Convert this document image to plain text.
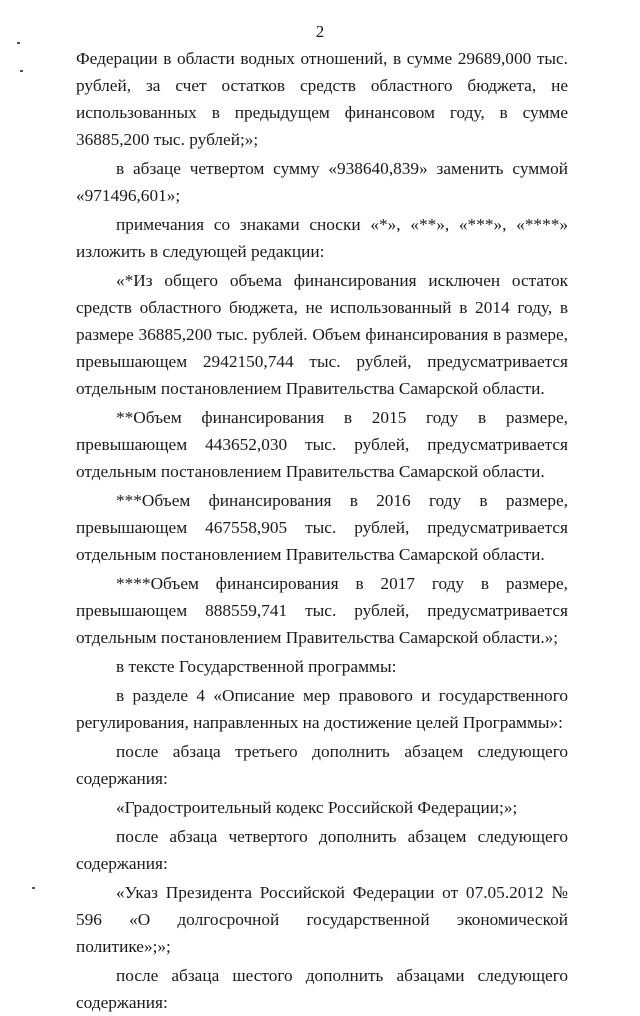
2

Федерации в области водных отношений, в сумме 29689,000 тыс. рублей, за счет остатков средств областного бюджета, не использованных в предыдущем финансовом году, в сумме 36885,200 тыс. рублей;»;

в абзаце четвертом сумму «938640,839» заменить суммой «971496,601»;

примечания со знаками сноски «*», «**», «***», «****» изложить в следующей редакции:

«*Из общего объема финансирования исключен остаток средств областного бюджета, не использованный в 2014 году, в размере 36885,200 тыс. рублей. Объем финансирования в размере, превышающем 2942150,744 тыс. рублей, предусматривается отдельным постановлением Правительства Самарской области.

**Объем финансирования в 2015 году в размере, превышающем 443652,030 тыс. рублей, предусматривается отдельным постановлением Правительства Самарской области.

***Объем финансирования в 2016 году в размере, превышающем 467558,905 тыс. рублей, предусматривается отдельным постановлением Правительства Самарской области.

****Объем финансирования в 2017 году в размере, превышающем 888559,741 тыс. рублей, предусматривается отдельным постановлением Правительства Самарской области.»;

в тексте Государственной программы:

в разделе 4 «Описание мер правового и государственного регулирования, направленных на достижение целей Программы»:

после абзаца третьего дополнить абзацем следующего содержания:

«Градостроительный кодекс Российской Федерации;»;

после абзаца четвертого дополнить абзацем следующего содержания:

«Указ Президента Российской Федерации от 07.05.2012 № 596 «О долгосрочной государственной экономической политике»;»;

после абзаца шестого дополнить абзацами следующего содержания:
